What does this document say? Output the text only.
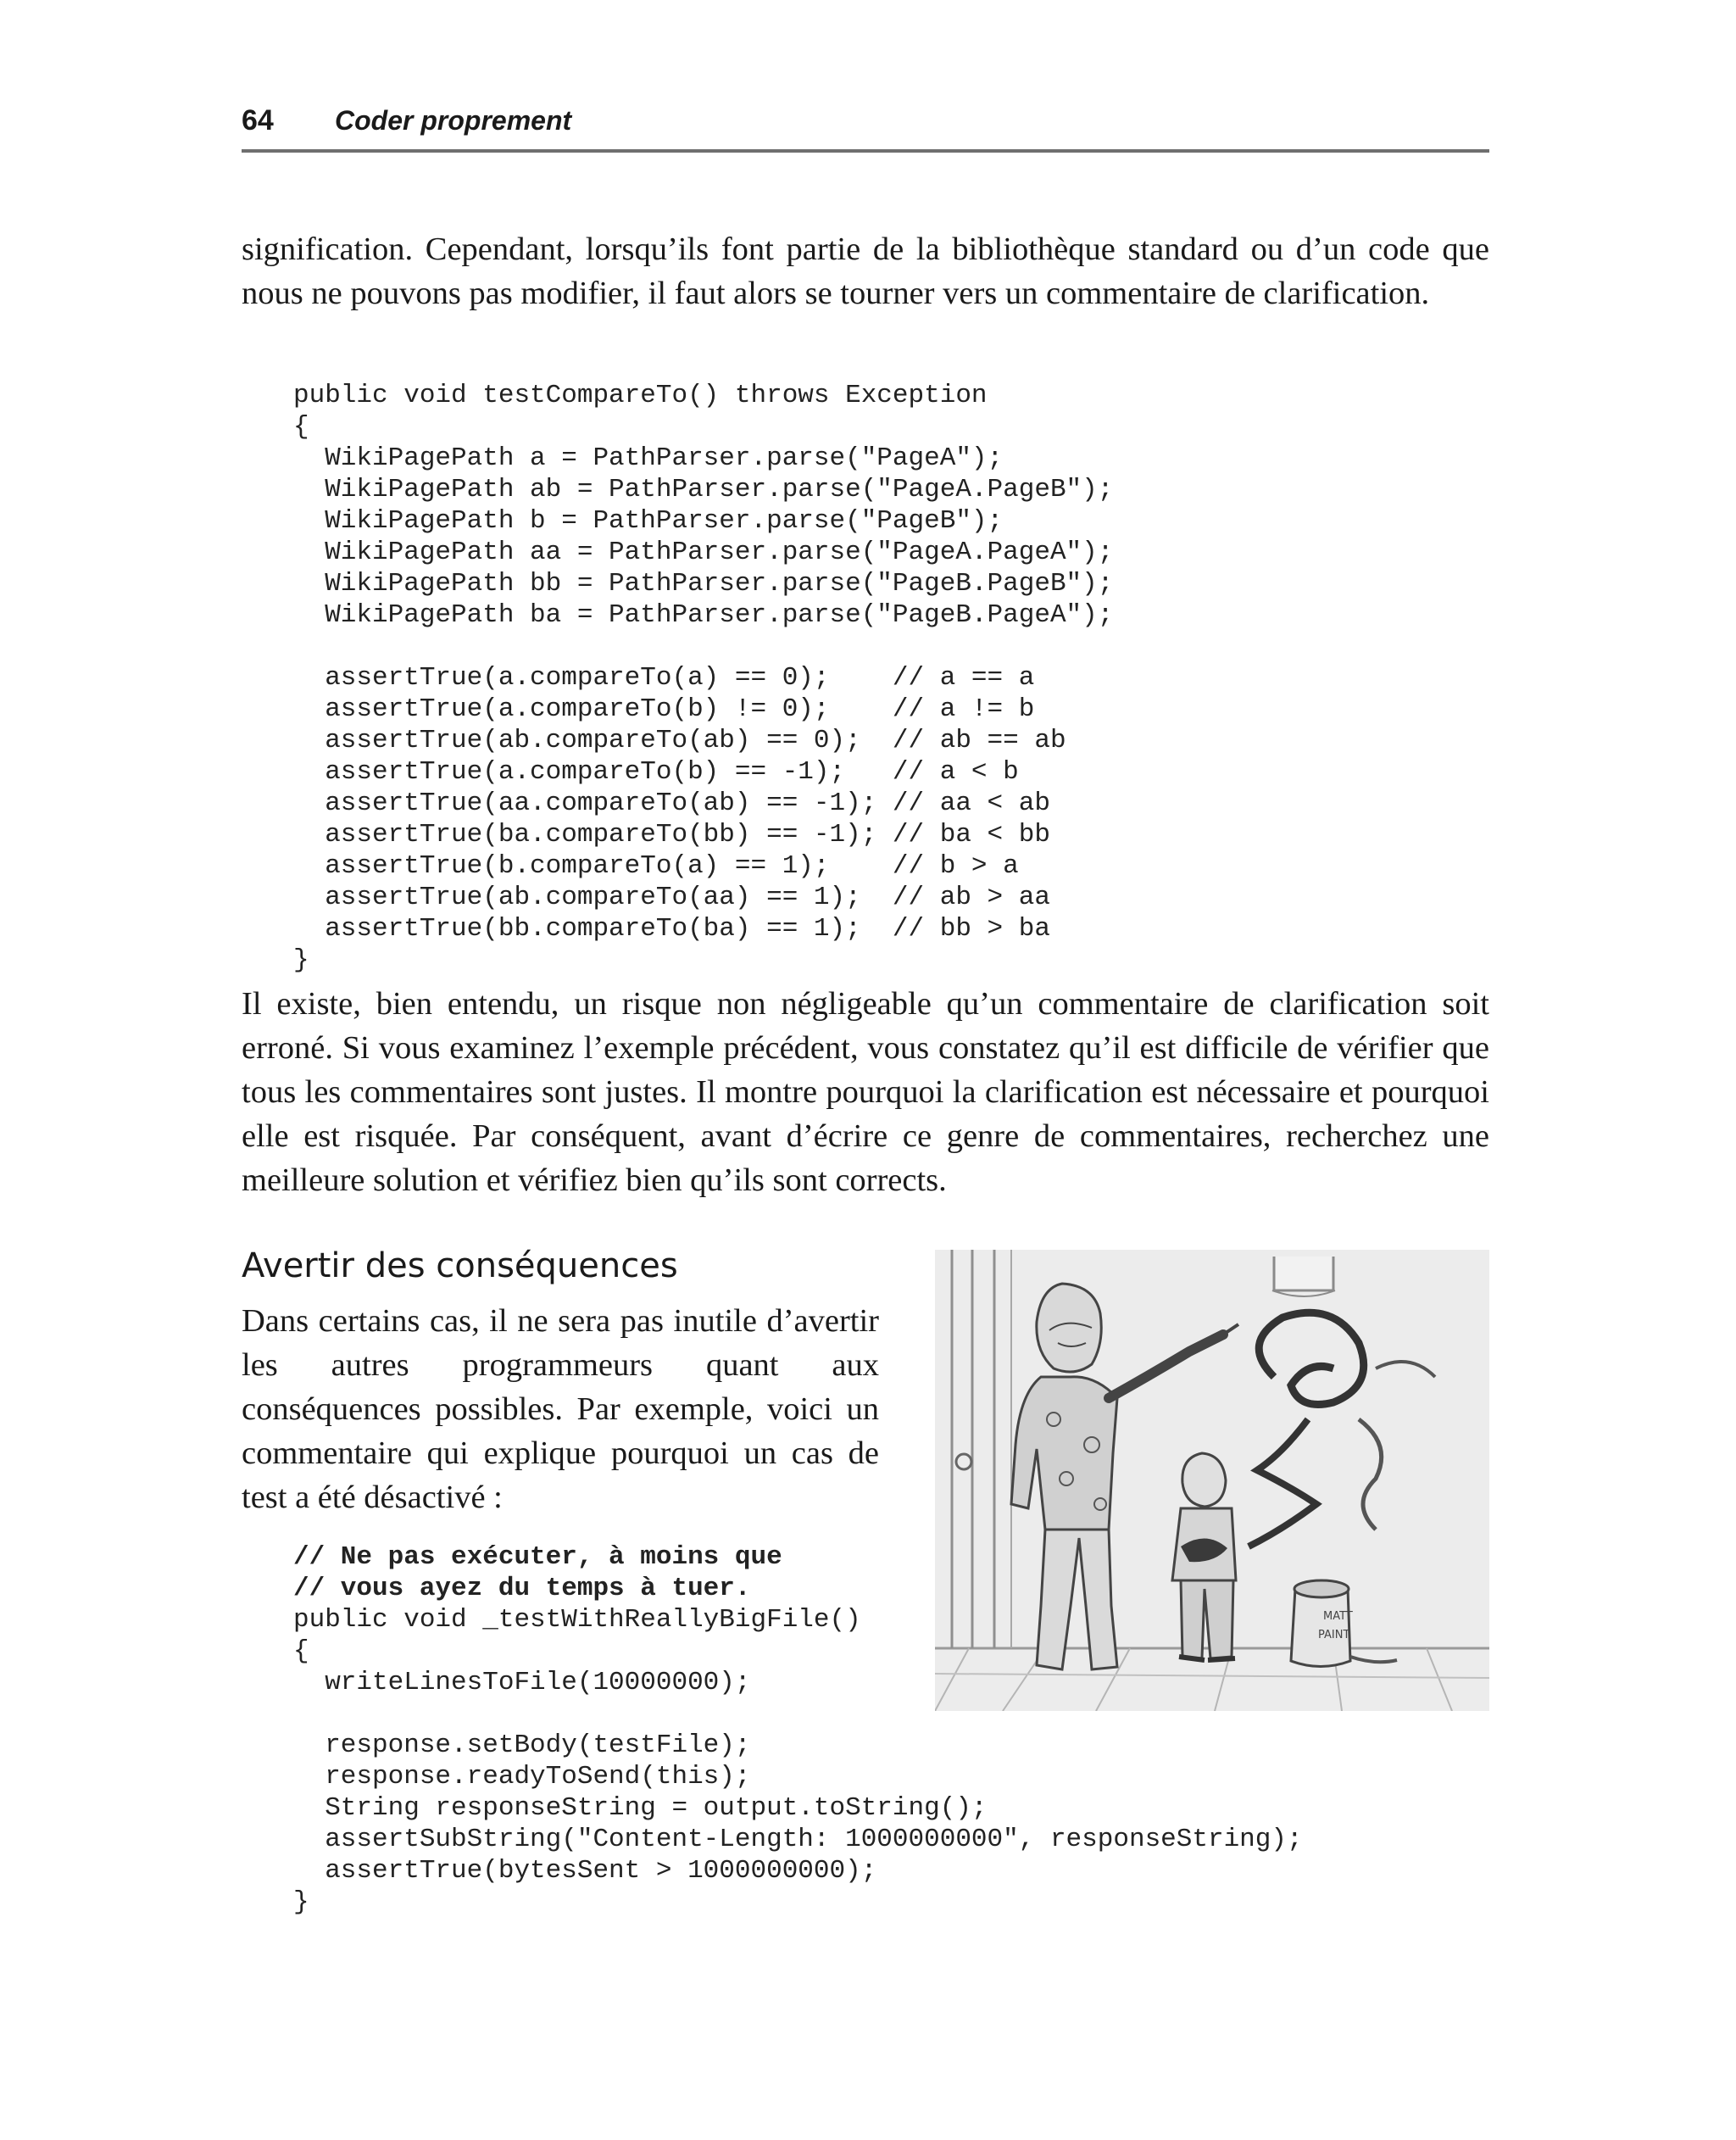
64 Coder proprement

signification. Cependant, lorsqu’ils font partie de la bibliothèque standard ou d’un code que nous ne pouvons pas modifier, il faut alors se tourner vers un commentaire de clarification.

public void testCompareTo() throws Exception
{
WikiPagePath a = PathParser.parse("PageA");
WikiPagePath ab = PathParser.parse("PageA.PageB");
WikiPagePath b = PathParser.parse("PageB");
WikiPagePath aa = PathParser.parse("PageA.PageA");
WikiPagePath bb = PathParser.parse("PageB.PageB");
WikiPagePath ba = PathParser.parse("PageB.PageA");
assertTrue(a.compareTo(a) == 0);    // a == a
assertTrue(a.compareTo(b) != 0);    // a != b
assertTrue(ab.compareTo(ab) == 0);  // ab == ab
assertTrue(a.compareTo(b) == -1);   // a < b
assertTrue(aa.compareTo(ab) == -1); // aa < ab
assertTrue(ba.compareTo(bb) == -1); // ba < bb
assertTrue(b.compareTo(a) == 1);    // b > a
assertTrue(ab.compareTo(aa) == 1);  // ab > aa
assertTrue(bb.compareTo(ba) == 1);  // bb > ba
}

Il existe, bien entendu, un risque non négligeable qu’un commentaire de clarification soit erroné. Si vous examinez l’exemple précédent, vous constatez qu’il est difficile de vérifier que tous les commentaires sont justes. Il montre pourquoi la clarification est nécessaire et pourquoi elle est risquée. Par conséquent, avant d’écrire ce genre de commentaires, recherchez une meilleure solution et vérifiez bien qu’ils sont corrects.

Avertir des conséquences

Dans certains cas, il ne sera pas inutile d’avertir les autres programmeurs quant aux conséquences possibles. Par exemple, voici un commentaire qui explique pourquoi un cas de test a été désactivé :

MATT
PAINT
// Ne pas exécuter, à moins que
// vous ayez du temps à tuer.
public void _testWithReallyBigFile()
{
writeLinesToFile(10000000);
response.setBody(testFile);
response.readyToSend(this);
String responseString = output.toString();
assertSubString("Content-Length: 1000000000", responseString);
assertTrue(bytesSent > 1000000000);
}
